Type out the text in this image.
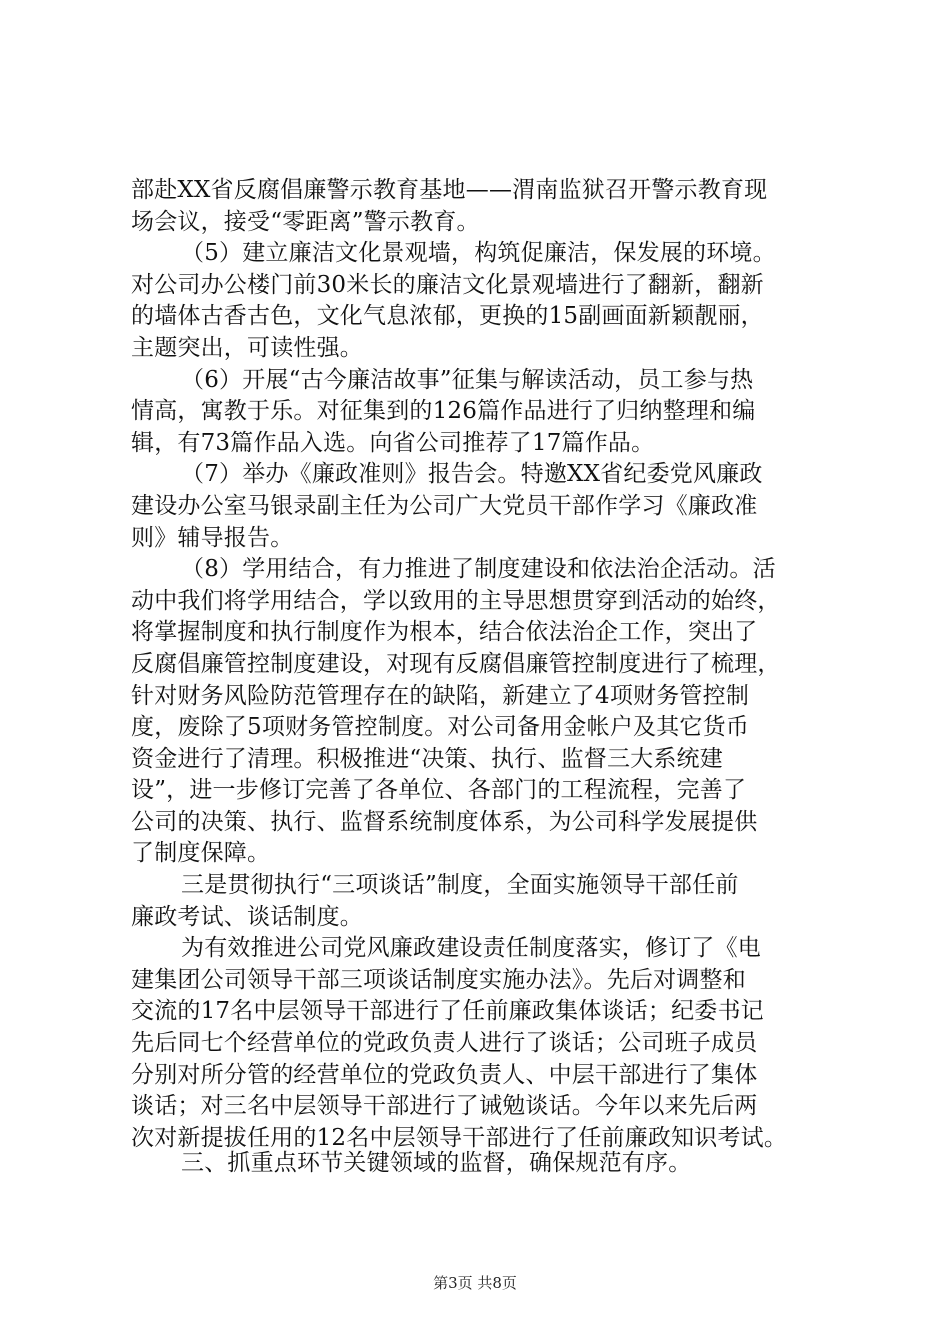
部赴XX省反腐倡廉警示教育基地——渭南监狱召开警示教育现
场会议，接受“零距离”警示教育。
（5）建立廉洁文化景观墙，构筑促廉洁，保发展的环境。
对公司办公楼门前30米长的廉洁文化景观墙进行了翻新，翻新
的墙体古香古色，文化气息浓郁，更换的15副画面新颖靓丽，
主题突出，可读性强。
（6）开展“古今廉洁故事”征集与解读活动，员工参与热
情高，寓教于乐。对征集到的126篇作品进行了归纳整理和编
辑，有73篇作品入选。向省公司推荐了17篇作品。
（7）举办《廉政准则》报告会。特邀XX省纪委党风廉政
建设办公室马银录副主任为公司广大党员干部作学习《廉政准
则》辅导报告。
（8）学用结合，有力推进了制度建设和依法治企活动。活
动中我们将学用结合，学以致用的主导思想贯穿到活动的始终，
将掌握制度和执行制度作为根本，结合依法治企工作，突出了
反腐倡廉管控制度建设，对现有反腐倡廉管控制度进行了梳理，
针对财务风险防范管理存在的缺陷，新建立了4项财务管控制
度，废除了5项财务管控制度。对公司备用金帐户及其它货币
资金进行了清理。积极推进“决策、执行、监督三大系统建
设”，进一步修订完善了各单位、各部门的工程流程，完善了
公司的决策、执行、监督系统制度体系，为公司科学发展提供
了制度保障。
三是贯彻执行“三项谈话”制度，全面实施领导干部任前
廉政考试、谈话制度。
为有效推进公司党风廉政建设责任制度落实，修订了《电
建集团公司领导干部三项谈话制度实施办法》。先后对调整和
交流的17名中层领导干部进行了任前廉政集体谈话；纪委书记
先后同七个经营单位的党政负责人进行了谈话；公司班子成员
分别对所分管的经营单位的党政负责人、中层干部进行了集体
谈话；对三名中层领导干部进行了诫勉谈话。今年以来先后两
次对新提拔任用的12名中层领导干部进行了任前廉政知识考试。
三、抓重点环节关键领域的监督，确保规范有序。
第3页 共8页
